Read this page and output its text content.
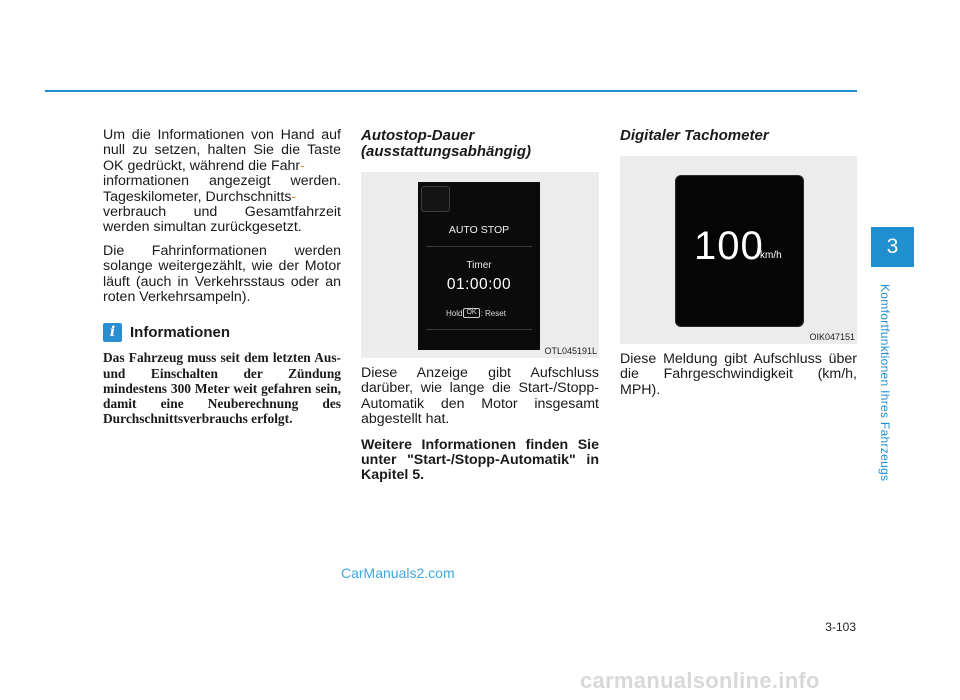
Um die Informationen von Hand auf null zu setzen, halten Sie die Taste OK gedrückt, während die Fahr-
informationen angezeigt werden. Tageskilometer, Durchschnitts-
verbrauch und Gesamtfahrzeit werden simultan zurückgesetzt.

Die Fahrinformationen werden solange weitergezählt, wie der Motor läuft (auch in Verkehrsstaus oder an roten Verkehrsampeln).

i Informationen

Das Fahrzeug muss seit dem letzten Aus- und Einschalten der Zündung mindestens 300 Meter weit gefahren sein, damit eine Neuberechnung des Durchschnittsverbrauchs erfolgt.

Autostop-Dauer (ausstattungsabhängig)

AUTO STOP
Timer
01:00:00
Hold OK : Reset
OTL045191L

Diese Anzeige gibt Aufschluss darüber, wie lange die Start-/Stopp-Automatik den Motor insgesamt abgestellt hat.

Weitere Informationen finden Sie unter "Start-/Stopp-Automatik" in Kapitel 5.

Digitaler Tachometer

100
km/h
OIK047151

Diese Meldung gibt Aufschluss über die Fahrgeschwindigkeit (km/h, MPH).

3
Komfortfunktionen Ihres Fahrzeugs
3-103
CarManuals2.com
carmanualsonline.info
